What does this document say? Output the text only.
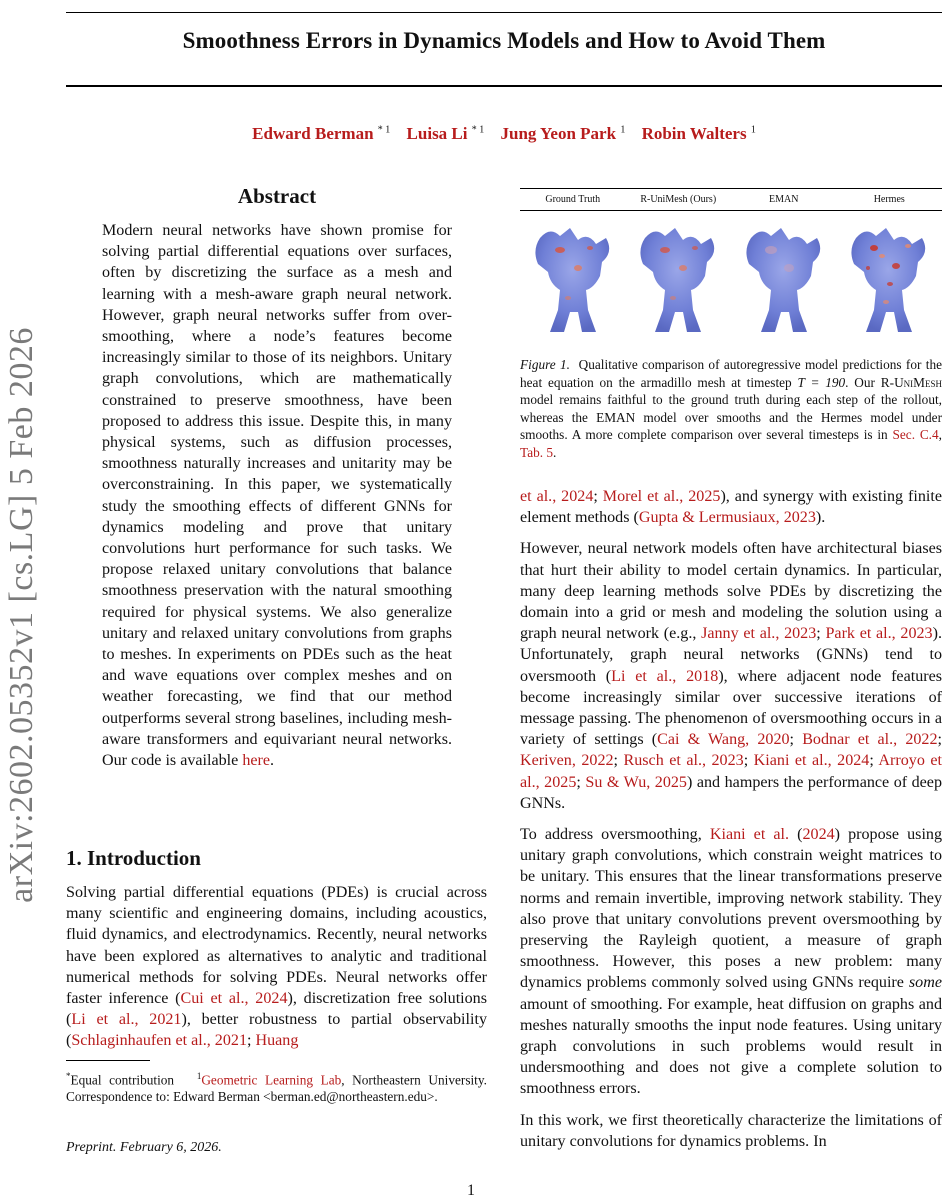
arXiv:2602.05352v1 [cs.LG] 5 Feb 2026
Smoothness Errors in Dynamics Models and How to Avoid Them
Edward Berman $^{* 1}$ Luisa Li $^{* 1}$ Jung Yeon Park $^1$ Robin Walters $^1$
Abstract

Modern neural networks have shown promise for solving partial differential equations over surfaces, often by discretizing the surface as a mesh and learning with a mesh-aware graph neural network. However, graph neural networks suffer from over-smoothing, where a node’s features become increasingly similar to those of its neighbors. Unitary graph convolutions, which are mathematically constrained to preserve smoothness, have been proposed to address this issue. Despite this, in many physical systems, such as diffusion processes, smoothness naturally increases and unitarity may be overconstraining. In this paper, we systematically study the smoothing effects of different GNNs for dynamics modeling and prove that unitary convolutions hurt performance for such tasks. We propose relaxed unitary convolutions that balance smoothness preservation with the natural smoothing required for physical systems. We also generalize unitary and relaxed unitary convolutions from graphs to meshes. In experiments on PDEs such as the heat and wave equations over complex meshes and on weather forecasting, we find that our method outperforms several strong baselines, including mesh-aware transformers and equivariant neural networks. Our code is available here.

1. Introduction

Solving partial differential equations (PDEs) is crucial across many scientific and engineering domains, including acoustics, fluid dynamics, and electrodynamics. Recently, neural networks have been explored as alternatives to analytic and traditional numerical methods for solving PDEs. Neural networks offer faster inference (Cui et al., 2024), discretization free solutions (Li et al., 2021), better robustness to partial observability (Schlaginhaufen et al., 2021; Huang

*Equal contribution	$^1$Geometric Learning Lab, Northeastern University. Correspondence to: Edward Berman <berman.ed@northeastern.edu>.
Preprint. February 6, 2026.
1
Ground Truth	R-UniMesh (Ours)	EMAN	Hermes
Figure 1. Qualitative comparison of autoregressive model predictions for the heat equation on the armadillo mesh at timestep T = 190. Our R-UniMesh model remains faithful to the ground truth during each step of the rollout, whereas the EMAN model over smooths and the Hermes model under smooths. A more complete comparison over several timesteps is in Sec. C.4, Tab. 5.

et al., 2024; Morel et al., 2025), and synergy with existing finite element methods (Gupta & Lermusiaux, 2023).

However, neural network models often have architectural biases that hurt their ability to model certain dynamics. In particular, many deep learning methods solve PDEs by discretizing the domain into a grid or mesh and modeling the solution using a graph neural network (e.g., Janny et al., 2023; Park et al., 2023). Unfortunately, graph neural networks (GNNs) tend to oversmooth (Li et al., 2018), where adjacent node features become increasingly similar over successive iterations of message passing. The phenomenon of oversmoothing occurs in a variety of settings (Cai & Wang, 2020; Bodnar et al., 2022; Keriven, 2022; Rusch et al., 2023; Kiani et al., 2024; Arroyo et al., 2025; Su & Wu, 2025) and hampers the performance of deep GNNs.

To address oversmoothing, Kiani et al. (2024) propose using unitary graph convolutions, which constrain weight matrices to be unitary. This ensures that the linear transformations preserve norms and remain invertible, improving network stability. They also prove that unitary convolutions prevent oversmoothing by preserving the Rayleigh quotient, a measure of graph smoothness. However, this poses a new problem: many dynamics problems commonly solved using GNNs require some amount of smoothing. For example, heat diffusion on graphs and meshes naturally smooths the input node features. Using unitary graph convolutions in such problems would result in undersmoothing and does not give a complete solution to smoothness errors.

In this work, we first theoretically characterize the limitations of unitary convolutions for dynamics problems. In
